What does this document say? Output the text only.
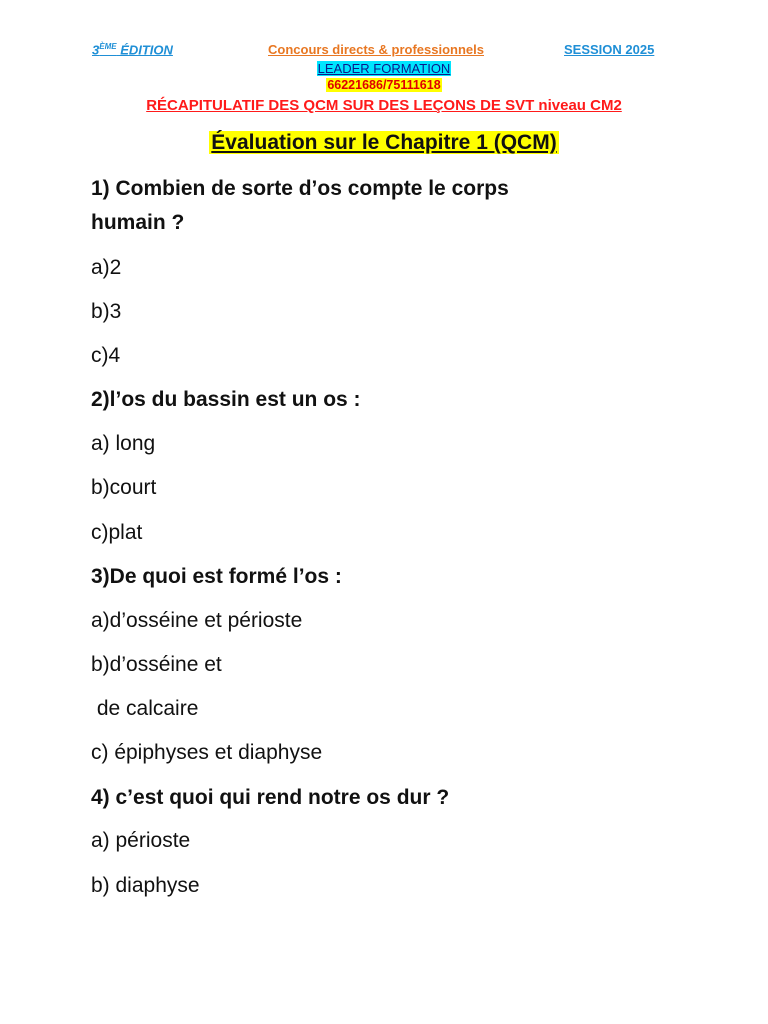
3ÈME ÉDITION	Concours directs & professionnels	SESSION 2025
LEADER FORMATION
66221686/75111618
RÉCAPITULATIF DES QCM SUR DES LEÇONS DE SVT niveau CM2
Évaluation sur le Chapitre 1 (QCM)
1) Combien de sorte d’os compte le corps
humain ?
a)2
b)3
c)4
2)l’os du bassin est un os :
a) long
b)court
c)plat
3)De quoi est formé l’os :
a)d’osséine et périoste
b)d’osséine et
de calcaire
c) épiphyses et diaphyse
4) c’est quoi qui rend notre os dur ?
a) périoste
b) diaphyse
